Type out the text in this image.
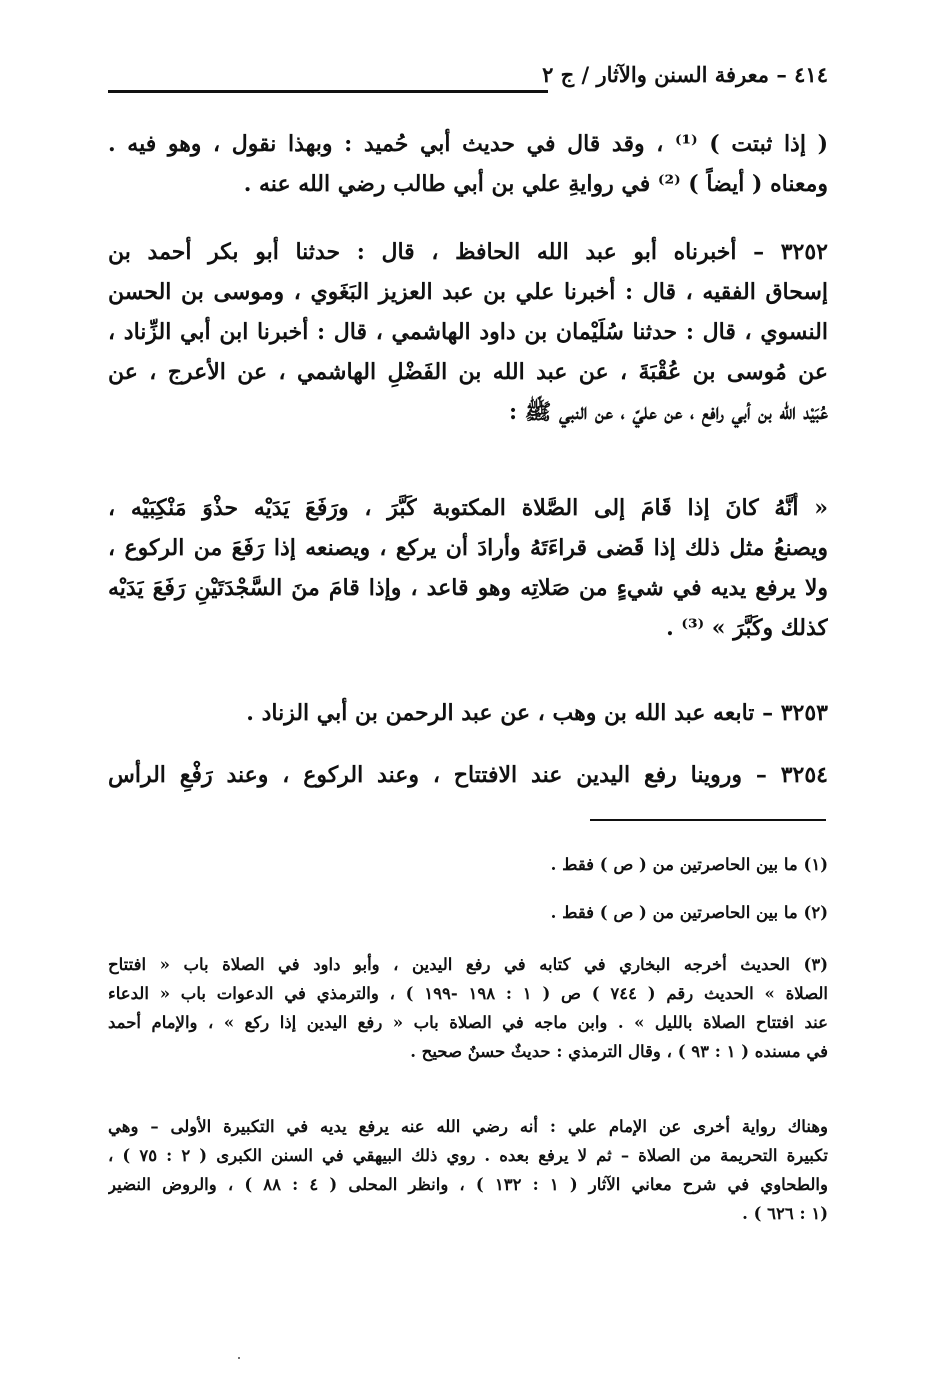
٤١٤ – معرفة السنن والآثار / ج ٢
( إذا ثبتت ) ⁽¹⁾ ، وقد قال في حديث أبي حُميد : وبهذا نقول ، وهو فيه .
ومعناه ( أيضاً ) ⁽²⁾ في روايةِ علي بن أبي طالب رضي الله عنه .
٣٢٥٢ – أخبرناه أبو عبد الله الحافظ ، قال : حدثنا أبو بكر أحمد بن
إسحاق الفقيه ، قال : أخبرنا علي بن عبد العزيز البَغَوي ، وموسى بن الحسن
النسوي ، قال : حدثنا سُلَيْمان بن داود الهاشمي ، قال : أخبرنا ابن أبي الزِّناد ،
عن مُوسى بن عُقْبَةَ ، عن عبد الله بن الفَضْلِ الهاشمي ، عن الأعرج ، عن
عُبَيْد الله بن أبي رافع ، عن عليّ ، عن النبي ﷺ :
« أنَّهُ كانَ إذا قَامَ إلى الصَّلاة المكتوبة كَبَّرَ ، ورَفَعَ يَدَيْه حذْوَ مَنْكِبَيْه ،
ويصنعُ مثل ذلك إذا قَضى قراءَتَهُ وأرادَ أن يركع ، ويصنعه إذا رَفَعَ من الركوع ،
ولا يرفع يديه في شيءٍ من صَلاتِه وهو قاعد ، وإذا قامَ منَ السَّجْدَتَيْنِ رَفَعَ يَدَيْه
كذلك وكَبَّرَ » ⁽³⁾ .
٣٢٥٣ – تابعه عبد الله بن وهب ، عن عبد الرحمن بن أبي الزناد .
٣٢٥٤ – وروينا رفع اليدين عند الافتتاح ، وعند الركوع ، وعند رَفْعِ الرأس
(١) ما بين الحاصرتين من ( ص ) فقط .
(٢) ما بين الحاصرتين من ( ص ) فقط .
(٣) الحديث أخرجه البخاري في كتابه في رفع اليدين ، وأبو داود في الصلاة باب « افتتاح
الصلاة » الحديث رقم ( ٧٤٤ ) ص ( ١ : ١٩٨ -١٩٩ ) ، والترمذي في الدعوات باب « الدعاء
عند افتتاح الصلاة بالليل » . وابن ماجه في الصلاة باب « رفع اليدين إذا ركع » ، والإمام أحمد
في مسنده ( ١ : ٩٣ ) ، وقال الترمذي : حديثٌ حسنٌ صحيح .
وهناك رواية أخرى عن الإمام علي : أنه رضي الله عنه يرفع يديه في التكبيرة الأولى – وهي
تكبيرة التحريمة من الصلاة – ثم لا يرفع بعده . روي ذلك البيهقي في السنن الكبرى ( ٢ : ٧٥ ) ،
والطحاوي في شرح معاني الآثار ( ١ : ١٣٢ ) ، وانظر المحلى ( ٤ : ٨٨ ) ، والروض النضير
(١ : ٦٢٦ ) .
